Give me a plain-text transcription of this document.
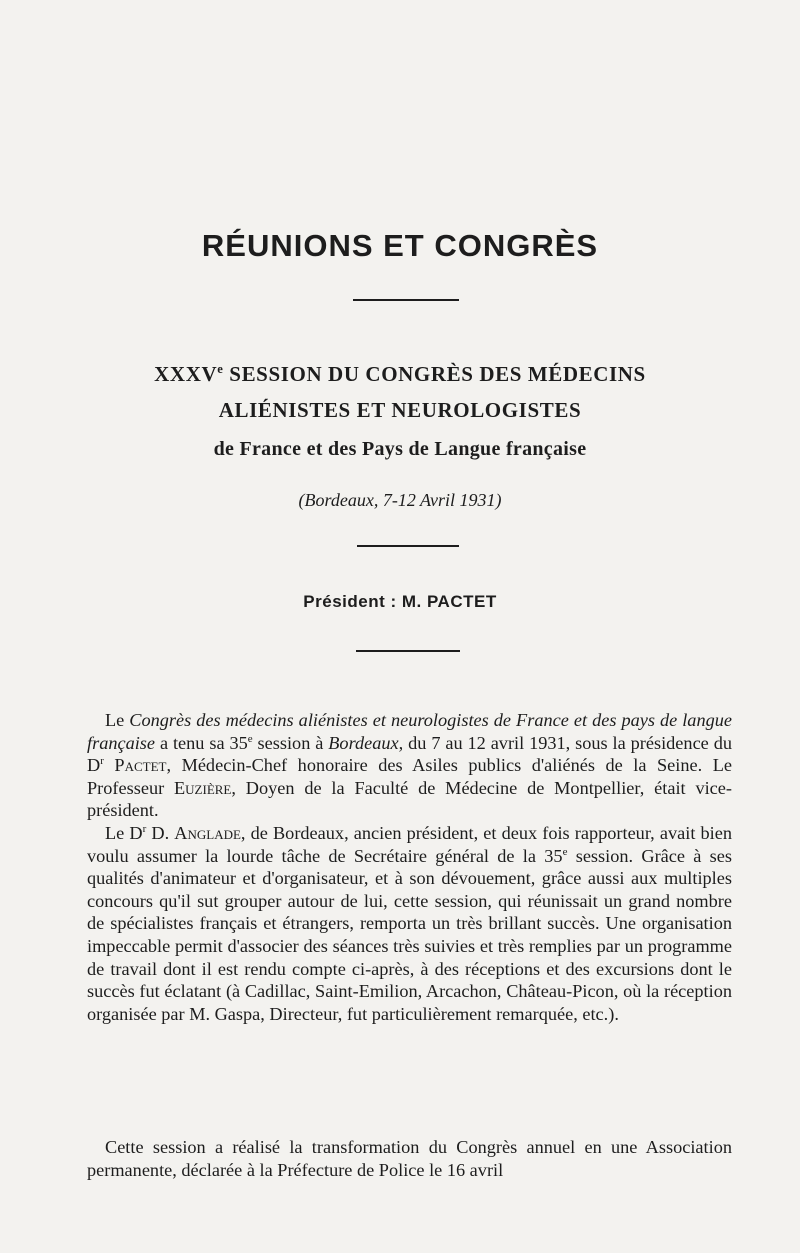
RÉUNIONS ET CONGRÈS
XXXVe SESSION DU CONGRÈS DES MÉDECINS
ALIÉNISTES ET NEUROLOGISTES
de France et des Pays de Langue française
(Bordeaux, 7-12 Avril 1931)
Président : M. PACTET

Le Congrès des médecins aliénistes et neurologistes de France et des pays de langue française a tenu sa 35e session à Bordeaux, du 7 au 12 avril 1931, sous la présidence du $D^r$ Pactet, Médecin-Chef honoraire des Asiles publics d'aliénés de la Seine. Le Professeur Euzière, Doyen de la Faculté de Médecine de Montpellier, était vice-président.

Le $D^r$ D. Anglade, de Bordeaux, ancien président, et deux fois rapporteur, avait bien voulu assumer la lourde tâche de Secrétaire général de la 35e session. Grâce à ses qualités d'animateur et d'organisateur, et à son dévouement, grâce aussi aux multiples concours qu'il sut grouper autour de lui, cette session, qui réunissait un grand nombre de spécialistes français et étrangers, remporta un très brillant succès. Une organisation impeccable permit d'associer des séances très suivies et très remplies par un programme de travail dont il est rendu compte ci-après, à des réceptions et des excursions dont le succès fut éclatant (à Cadillac, Saint-Emilion, Arcachon, Château-Picon, où la réception organisée par M. Gaspa, Directeur, fut particulièrement remarquée, etc.).

Cette session a réalisé la transformation du Congrès annuel en une Association permanente, déclarée à la Préfecture de Police le 16 avril
